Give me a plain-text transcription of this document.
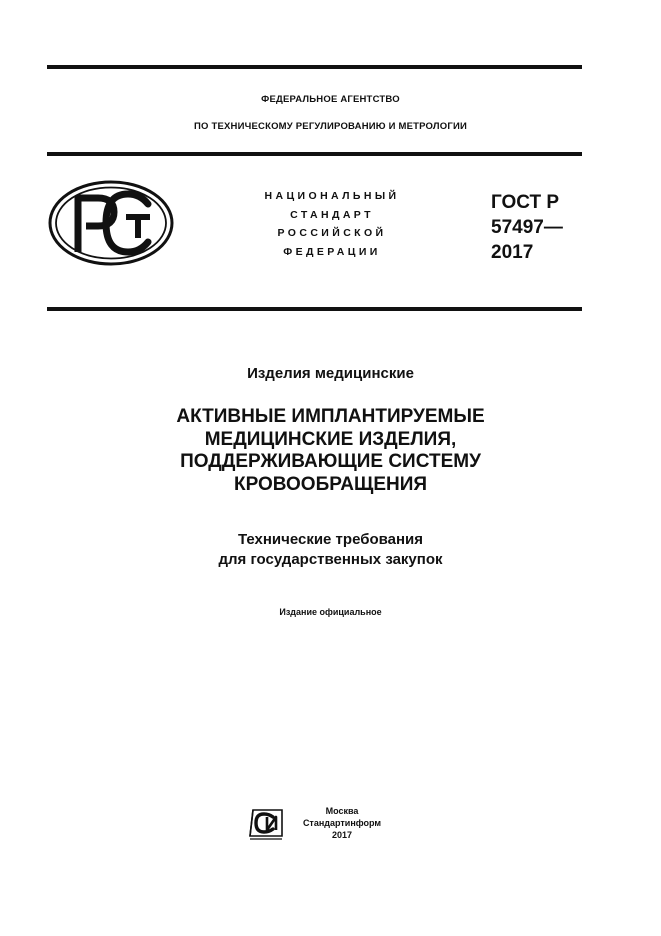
ФЕДЕРАЛЬНОЕ АГЕНТСТВО
ПО ТЕХНИЧЕСКОМУ РЕГУЛИРОВАНИЮ И МЕТРОЛОГИИ
НАЦИОНАЛЬНЫЙ
СТАНДАРТ
РОССИЙСКОЙ
ФЕДЕРАЦИИ
ГОСТ Р
57497—
2017
Изделия медицинские
АКТИВНЫЕ ИМПЛАНТИРУЕМЫЕ
МЕДИЦИНСКИЕ ИЗДЕЛИЯ,
ПОДДЕРЖИВАЮЩИЕ СИСТЕМУ
КРОВООБРАЩЕНИЯ
Технические требования
для государственных закупок
Издание официальное
Москва
Стандартинформ
2017
